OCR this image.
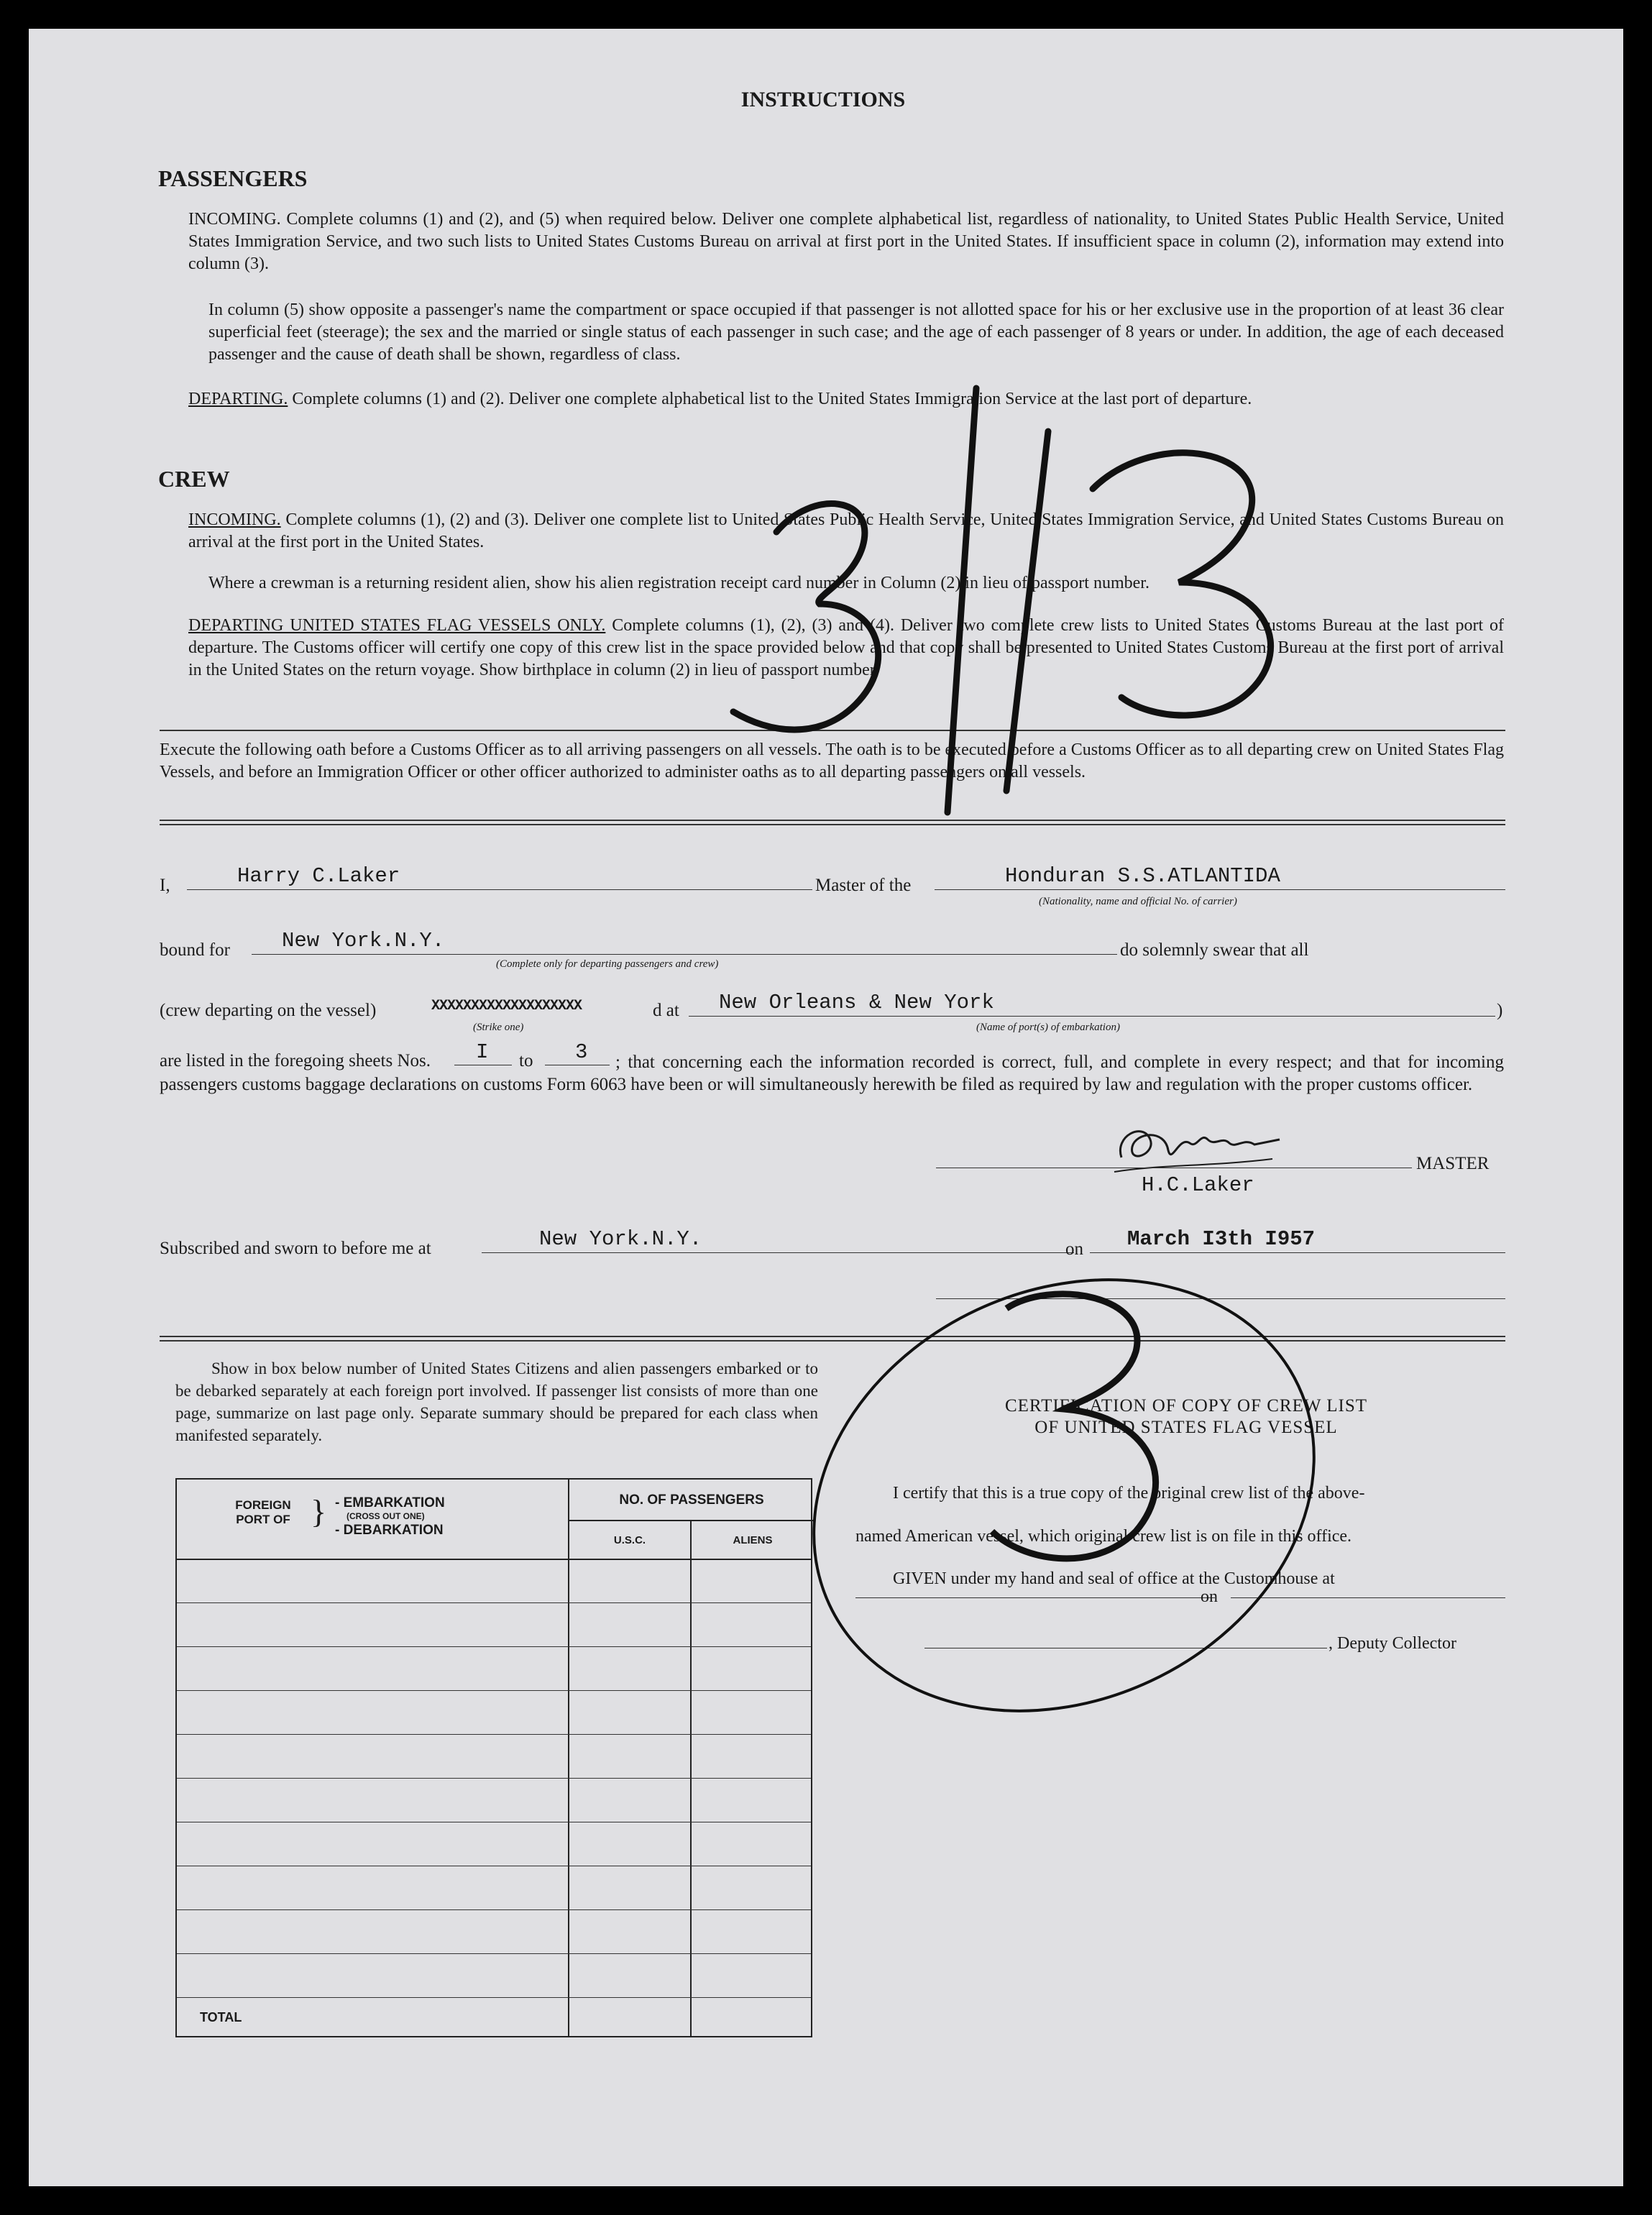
INSTRUCTIONS
PASSENGERS
INCOMING. Complete columns (1) and (2), and (5) when required below. Deliver one complete alphabetical list, regardless of nationality, to United States Public Health Service, United States Immigration Service, and two such lists to United States Customs Bureau on arrival at first port in the United States. If insufficient space in column (2), information may extend into column (3).
In column (5) show opposite a passenger's name the compartment or space occupied if that passenger is not allotted space for his or her exclusive use in the proportion of at least 36 clear superficial feet (steerage); the sex and the married or single status of each passenger in such case; and the age of each passenger of 8 years or under. In addition, the age of each deceased passenger and the cause of death shall be shown, regardless of class.
DEPARTING. Complete columns (1) and (2). Deliver one complete alphabetical list to the United States Immigration Service at the last port of departure.
CREW
INCOMING. Complete columns (1), (2) and (3). Deliver one complete list to United States Public Health Service, United States Immigration Service, and United States Customs Bureau on arrival at the first port in the United States.
Where a crewman is a returning resident alien, show his alien registration receipt card number in Column (2) in lieu of passport number.
DEPARTING UNITED STATES FLAG VESSELS ONLY. Complete columns (1), (2), (3) and (4). Deliver two complete crew lists to United States Customs Bureau at the last port of departure. The Customs officer will certify one copy of this crew list in the space provided below and that copy shall be presented to United States Customs Bureau at the first port of arrival in the United States on the return voyage. Show birthplace in column (2) in lieu of passport number.
Execute the following oath before a Customs Officer as to all arriving passengers on all vessels. The oath is to be executed before a Customs Officer as to all departing crew on United States Flag Vessels, and before an Immigration Officer or other officer authorized to administer oaths as to all departing passengers on all vessels.
I,	Harry C.Laker	Master of the	Honduran S.S.ATLANTIDA
(Nationality, name and official No. of carrier)
bound for New York.N.Y.
(Complete only for departing passengers and crew)
do solemnly swear that all
(crew departing on the vessel)	XXXXXXXXXXXXXXXXXXX	d at
(Strike one)
New Orleans & New York
(Name of port(s) of embarkation)
)
are listed in the foregoing sheets Nos. I to 3	; that concerning each the information recorded is correct, full, and complete in every respect; and that for incoming passengers customs baggage declarations on customs Form 6063 have been or will simultaneously herewith be filed as required by law and regulation with the proper customs officer.
MASTER
H.C.Laker
Subscribed and sworn to before me at	New York.N.Y.	on March I3th I957
Show in box below number of United States Citizens and alien passengers embarked or to be debarked separately at each foreign port involved. If passenger list consists of more than one page, summarize on last page only. Separate summary should be prepared for each class when manifested separately.
FOREIGN PORT OF } - EMBARKATION
(CROSS OUT ONE)
- DEBARKATION
NO. OF PASSENGERS
U.S.C.	ALIENS
TOTAL
CERTIFICATION OF COPY OF CREW LIST
OF UNITED STATES FLAG VESSEL
I certify that this is a true copy of the original crew list of the above-
named American vessel, which original crew list is on file in this office.
GIVEN under my hand and seal of office at the Customhouse at
on
, Deputy Collector
